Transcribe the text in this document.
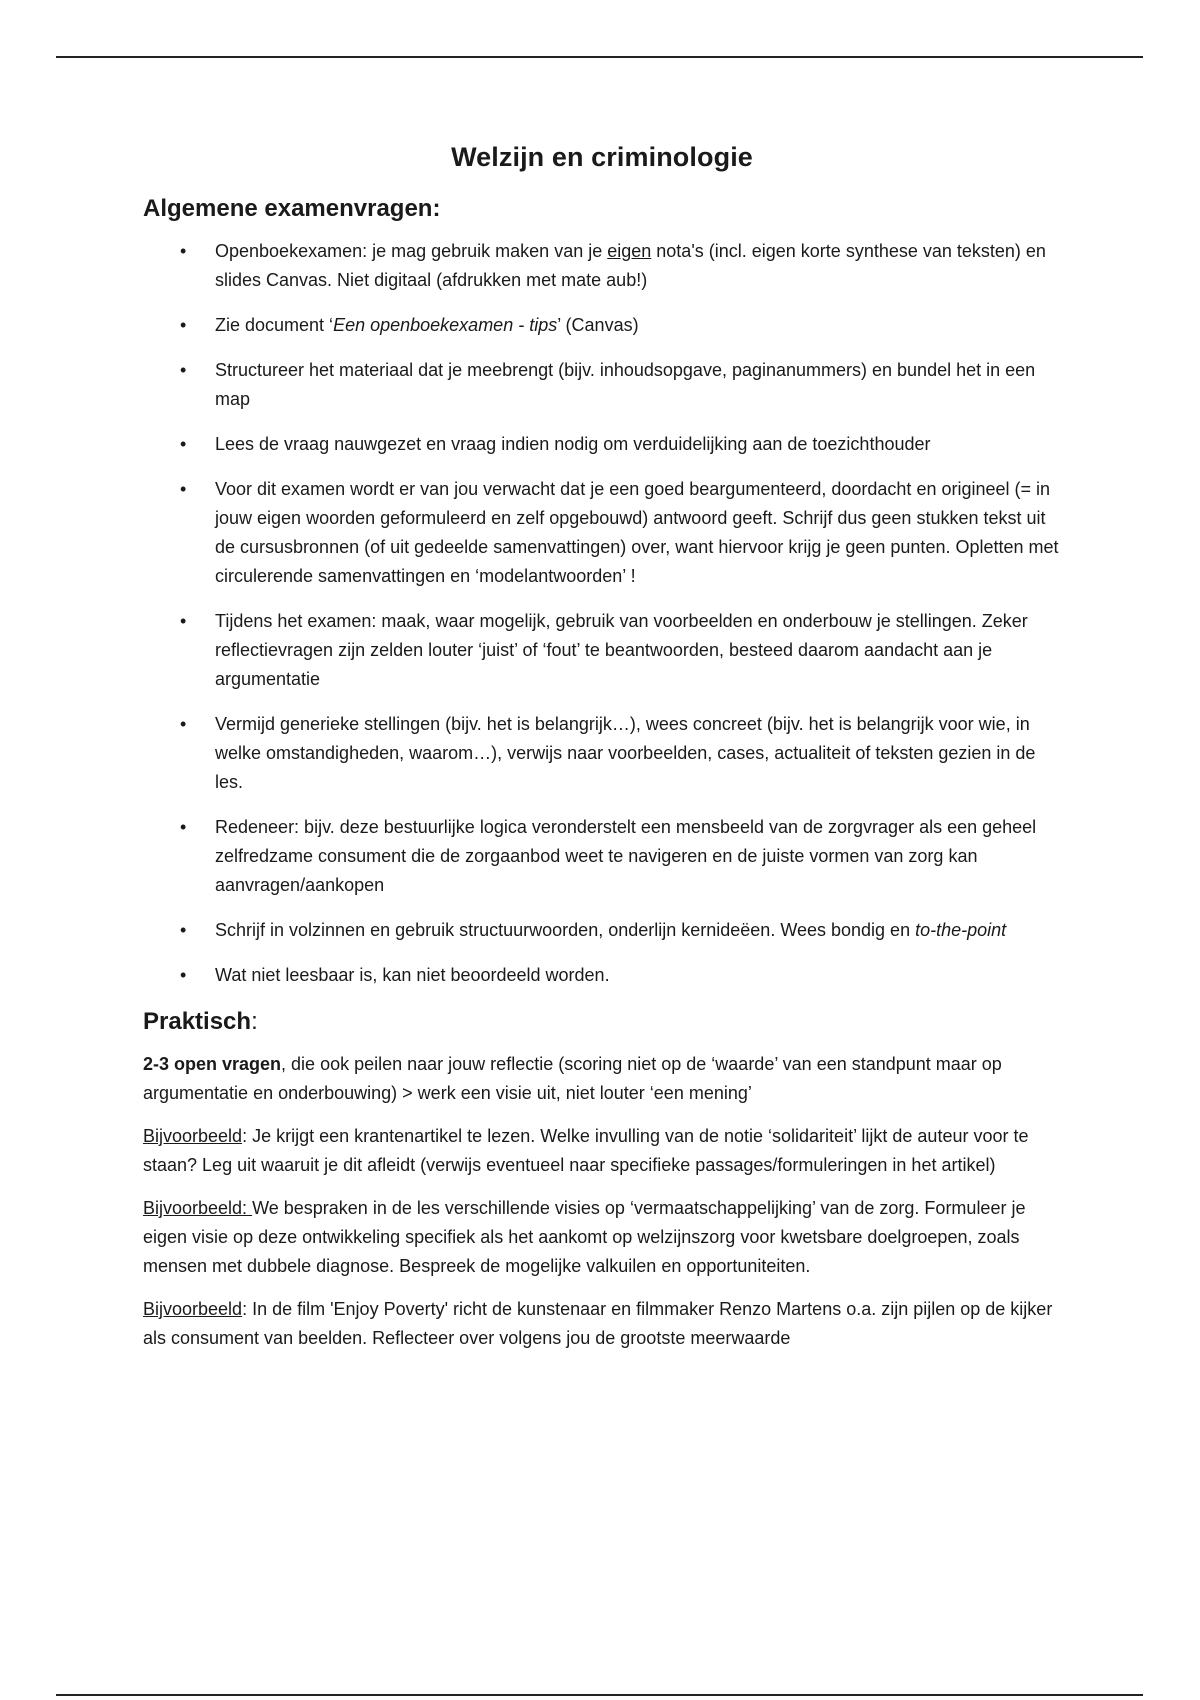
Welzijn en criminologie
Algemene examenvragen:
• Openboekexamen: je mag gebruik maken van je eigen nota's (incl. eigen korte synthese van teksten) en slides Canvas. Niet digitaal (afdrukken met mate aub!)
• Zie document ‘Een openboekexamen - tips’ (Canvas)
• Structureer het materiaal dat je meebrengt (bijv. inhoudsopgave, paginanummers) en bundel het in een map
• Lees de vraag nauwgezet en vraag indien nodig om verduidelijking aan de toezichthouder
• Voor dit examen wordt er van jou verwacht dat je een goed beargumenteerd, doordacht en origineel (= in jouw eigen woorden geformuleerd en zelf opgebouwd) antwoord geeft. Schrijf dus geen stukken tekst uit de cursusbronnen (of uit gedeelde samenvattingen) over, want hiervoor krijg je geen punten. Opletten met circulerende samenvattingen en ‘modelantwoorden’ !
• Tijdens het examen: maak, waar mogelijk, gebruik van voorbeelden en onderbouw je stellingen. Zeker reflectievragen zijn zelden louter ‘juist’ of ‘fout’ te beantwoorden, besteed daarom aandacht aan je argumentatie
• Vermijd generieke stellingen (bijv. het is belangrijk…), wees concreet (bijv. het is belangrijk voor wie, in welke omstandigheden, waarom…), verwijs naar voorbeelden, cases, actualiteit of teksten gezien in de les.
• Redeneer: bijv. deze bestuurlijke logica veronderstelt een mensbeeld van de zorgvrager als een geheel zelfredzame consument die de zorgaanbod weet te navigeren en de juiste vormen van zorg kan aanvragen/aankopen
• Schrijf in volzinnen en gebruik structuurwoorden, onderlijn kernideëen. Wees bondig en to-the-point
• Wat niet leesbaar is, kan niet beoordeeld worden.
Praktisch:

2-3 open vragen, die ook peilen naar jouw reflectie (scoring niet op de ‘waarde’ van een standpunt maar op argumentatie en onderbouwing) > werk een visie uit, niet louter ‘een mening’

Bijvoorbeeld: Je krijgt een krantenartikel te lezen. Welke invulling van de notie ‘solidariteit’ lijkt de auteur voor te staan? Leg uit waaruit je dit afleidt (verwijs eventueel naar specifieke passages/formuleringen in het artikel)

Bijvoorbeeld: We bespraken in de les verschillende visies op ‘vermaatschappelijking’ van de zorg. Formuleer je eigen visie op deze ontwikkeling specifiek als het aankomt op welzijnszorg voor kwetsbare doelgroepen, zoals mensen met dubbele diagnose. Bespreek de mogelijke valkuilen en opportuniteiten.

Bijvoorbeeld: In de film 'Enjoy Poverty' richt de kunstenaar en filmmaker Renzo Martens o.a. zijn pijlen op de kijker als consument van beelden. Reflecteer over volgens jou de grootste meerwaarde
